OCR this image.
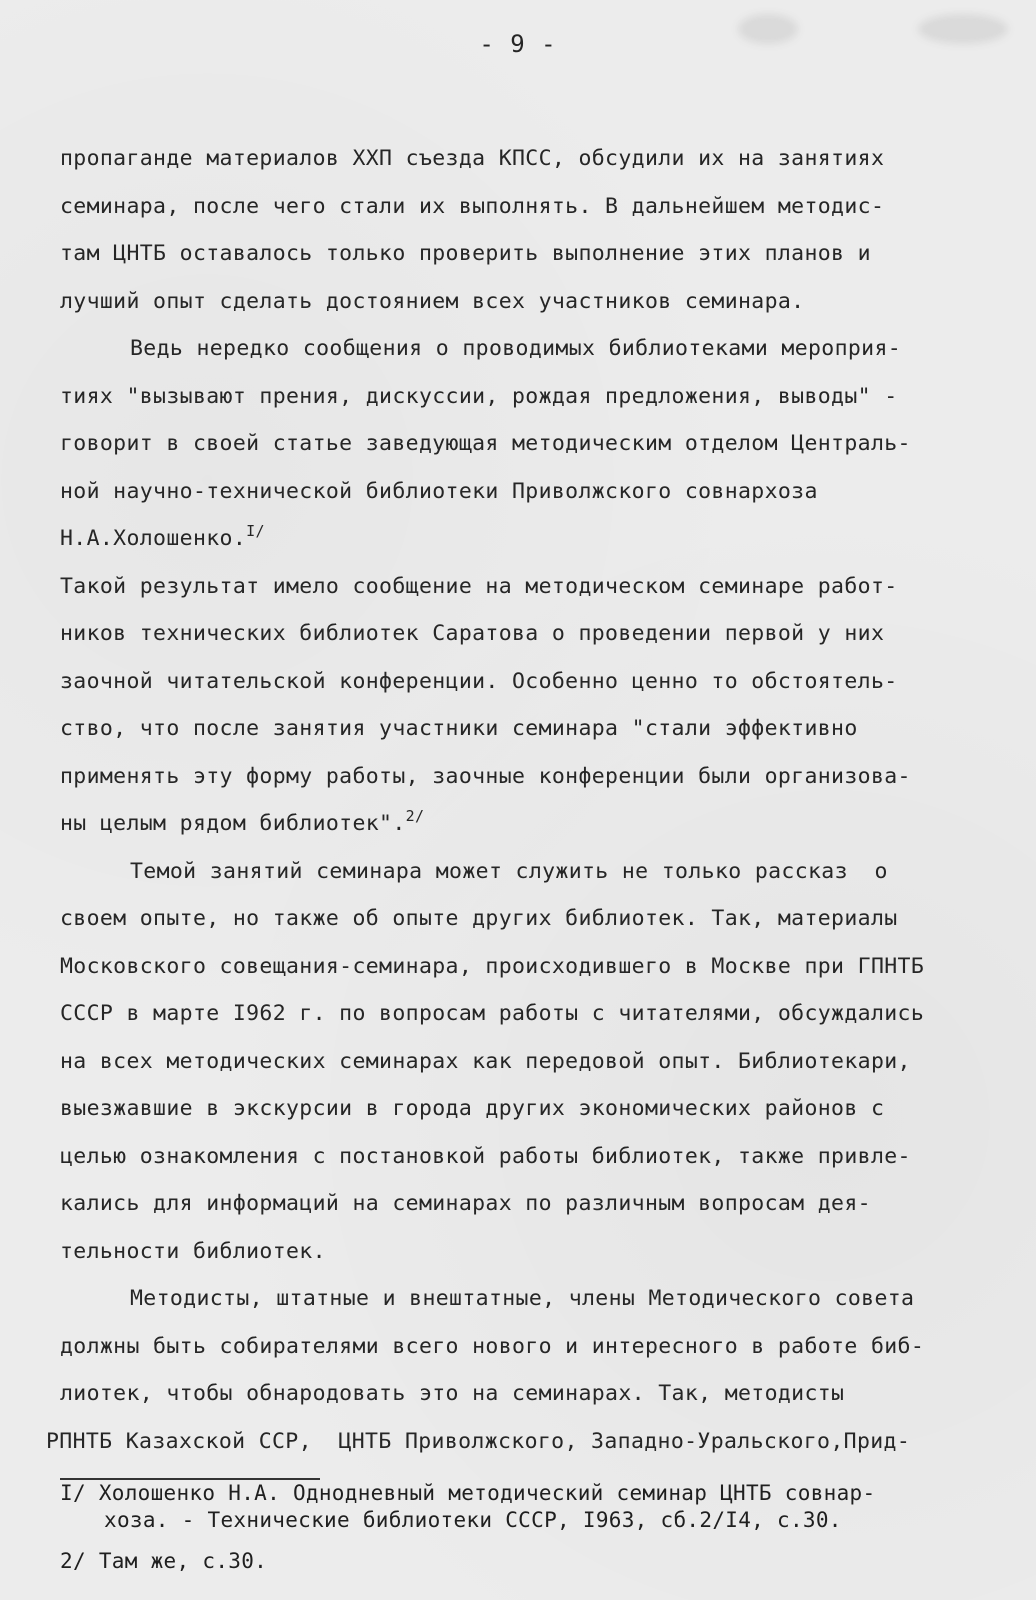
- 9 -
пропаганде материалов ХХП съезда КПСС, обсудили их на занятиях
семинара, после чего стали их выполнять. В дальнейшем методис-
там ЦНТБ оставалось только проверить выполнение этих планов и
лучший опыт сделать достоянием всех участников семинара.
Ведь нередко сообщения о проводимых библиотеками мероприя-
тиях "вызывают прения, дискуссии, рождая предложения, выводы" -
говорит в своей статье заведующая методическим отделом Централь-
ной научно-технической библиотеки Приволжского совнархоза
Н.А.Холошенко.$^{I/}$
Такой результат имело сообщение на методическом семинаре работ-
ников технических библиотек Саратова о проведении первой у них
заочной читательской конференции. Особенно ценно то обстоятель-
ство, что после занятия участники семинара "стали эффективно
применять эту форму работы, заочные конференции были организова-
ны целым рядом библиотек".$^{2/}$
Темой занятий семинара может служить не только рассказ  о
своем опыте, но также об опыте других библиотек. Так, материалы
Московского совещания-семинара, происходившего в Москве при ГПНТБ
СССР в марте I962 г. по вопросам работы с читателями, обсуждались
на всех методических семинарах как передовой опыт. Библиотекари,
выезжавшие в экскурсии в города других экономических районов с
целью ознакомления с постановкой работы библиотек, также привле-
кались для информаций на семинарах по различным вопросам дея-
тельности библиотек.
Методисты, штатные и внештатные, члены Методического совета
должны быть собирателями всего нового и интересного в работе биб-
лиотек, чтобы обнародовать это на семинарах. Так, методисты
РПНТБ Казахской ССР,  ЦНТБ Приволжского, Западно-Уральского,Прид-
I/ Холошенко Н.А. Однодневный методический семинар ЦНТБ совнар-
хоза. - Технические библиотеки СССР, I963, сб.2/I4, с.30.
2/ Там же, с.30.
